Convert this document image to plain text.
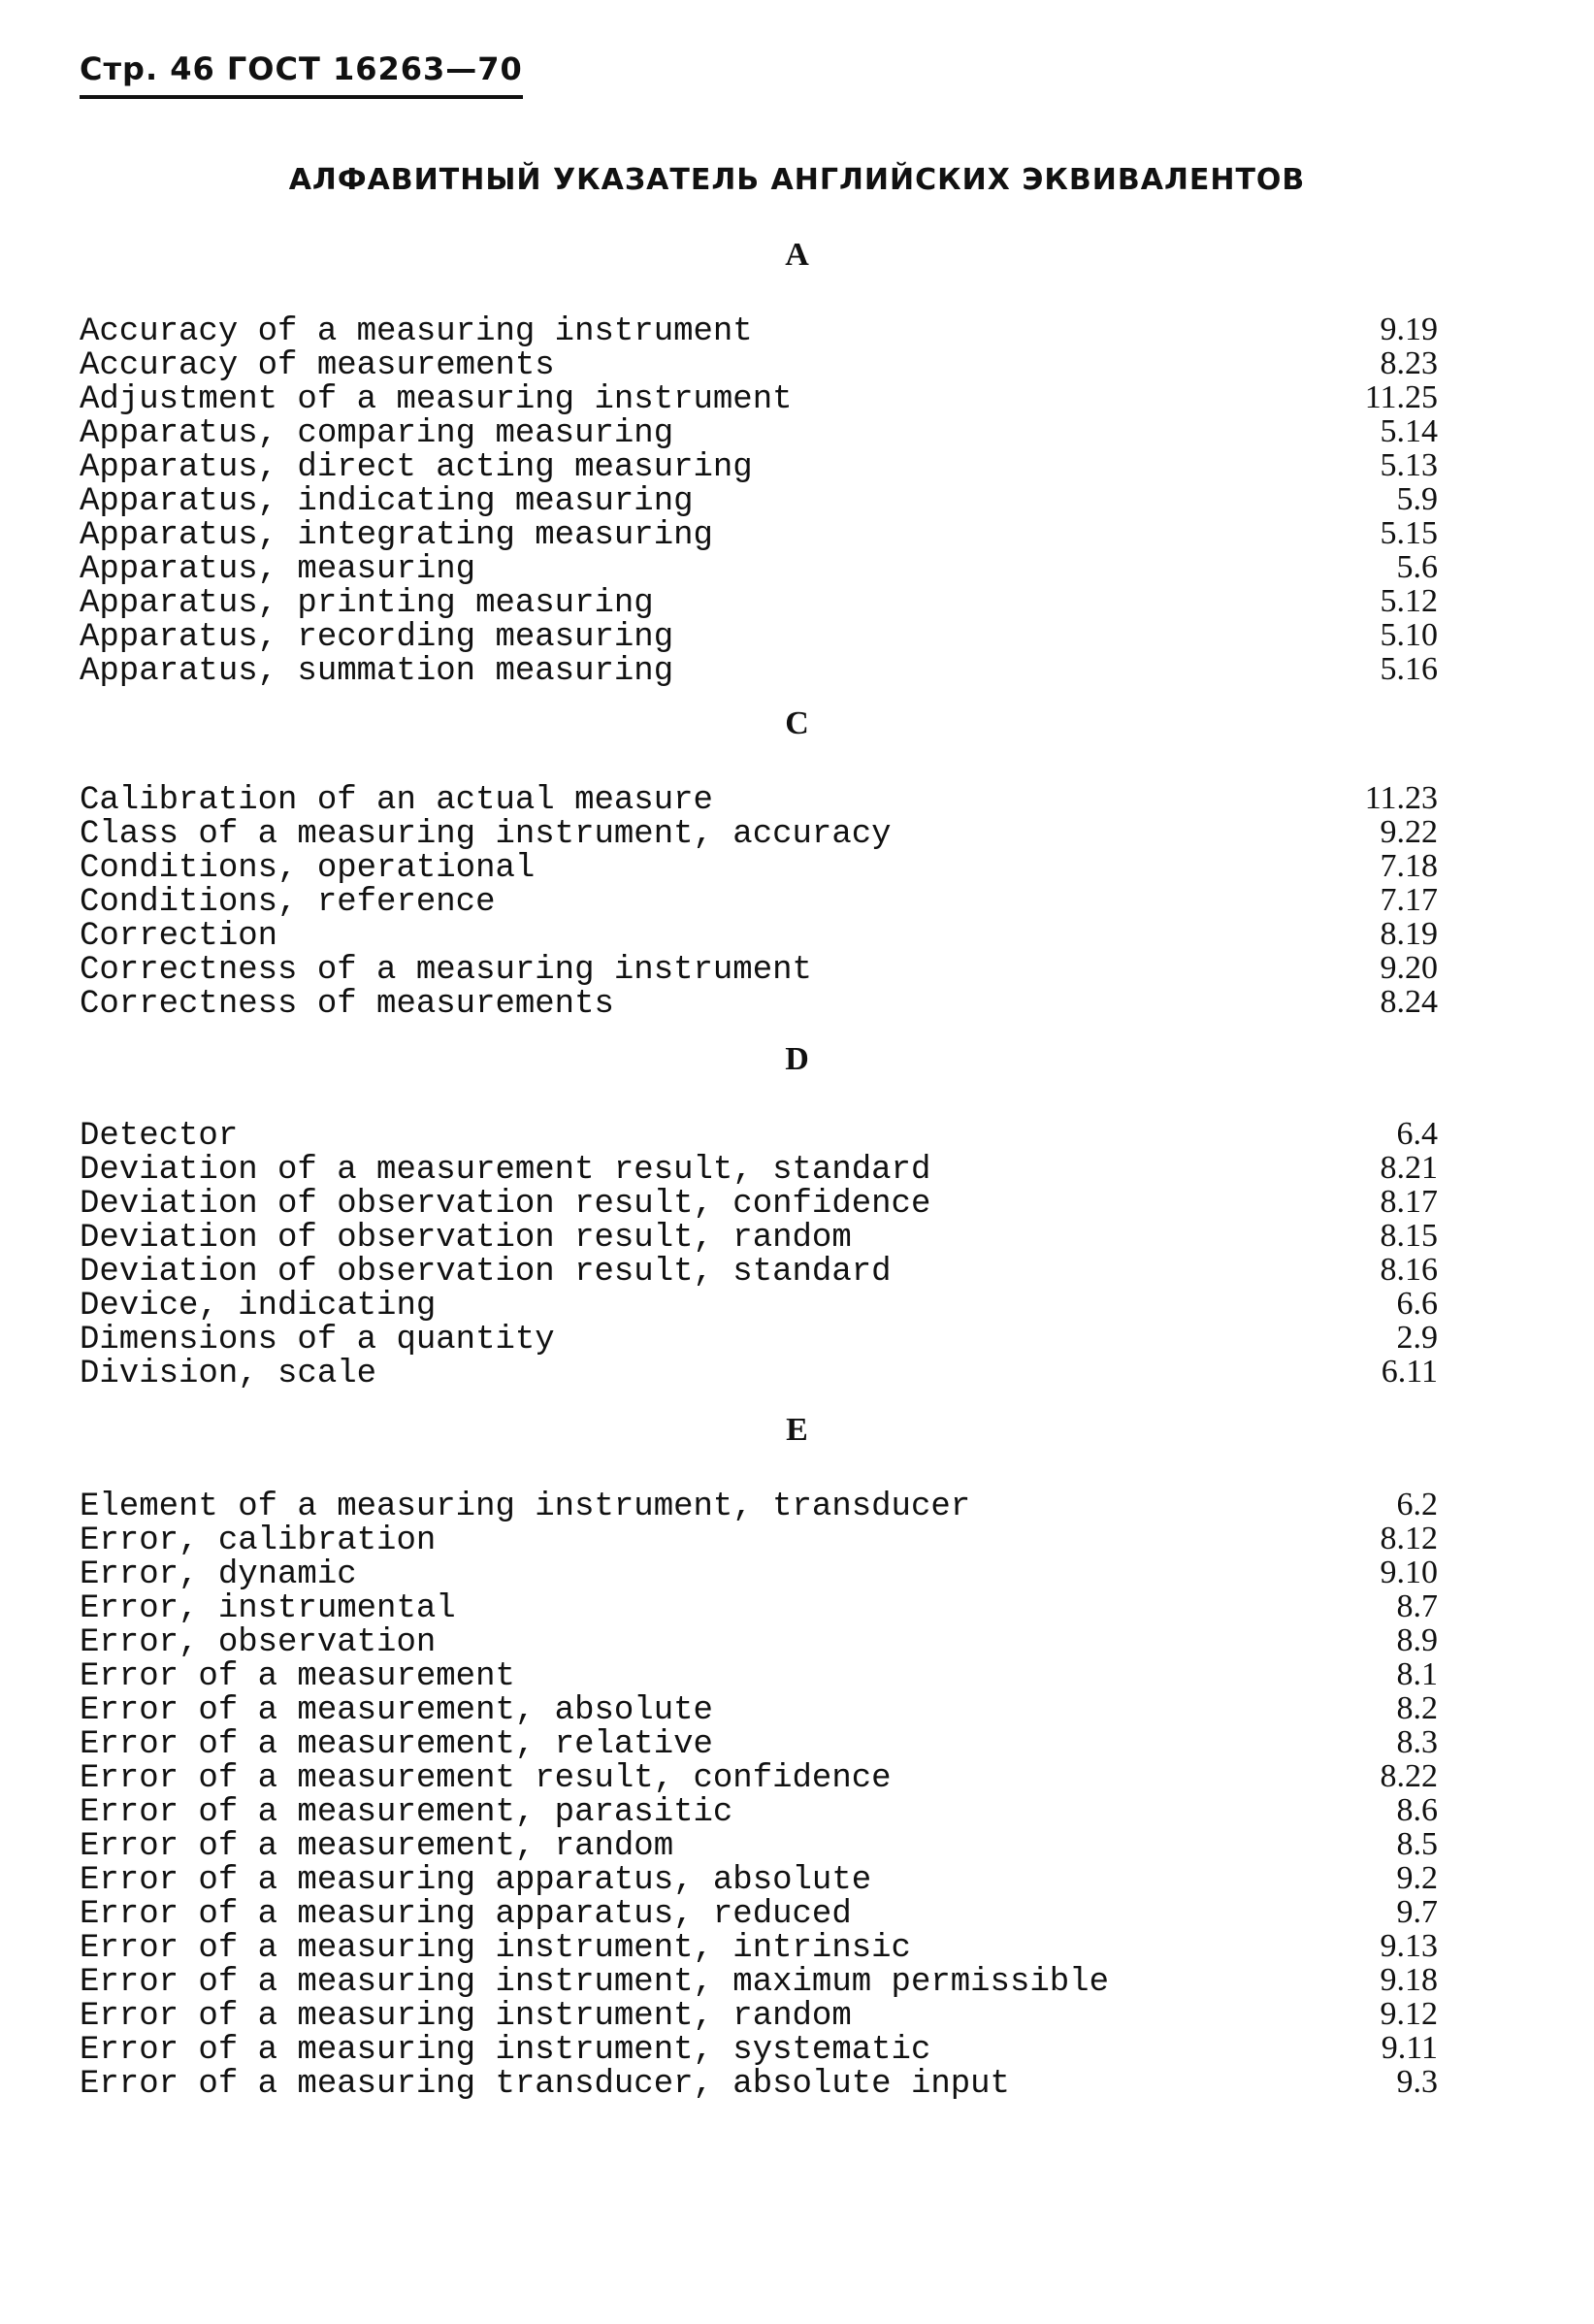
Стр. 46 ГОСТ 16263—70
АЛФАВИТНЫЙ УКАЗАТЕЛЬ АНГЛИЙСКИХ ЭКВИВАЛЕНТОВ
A
Accuracy of a measuring instrument	9.19
Accuracy of measurements	8.23
Adjustment of a measuring instrument	11.25
Apparatus, comparing measuring	5.14
Apparatus, direct acting measuring	5.13
Apparatus, indicating measuring	5.9
Apparatus, integrating measuring	5.15
Apparatus, measuring	5.6
Apparatus, printing measuring	5.12
Apparatus, recording measuring	5.10
Apparatus, summation measuring	5.16
C
Calibration of an actual measure	11.23
Class of a measuring instrument, accuracy	9.22
Conditions, operational	7.18
Conditions, reference	7.17
Correction	8.19
Correctness of a measuring instrument	9.20
Correctness of measurements	8.24
D
Detector	6.4
Deviation of a measurement result, standard	8.21
Deviation of observation result, confidence	8.17
Deviation of observation result, random	8.15
Deviation of observation result, standard	8.16
Device, indicating	6.6
Dimensions of a quantity	2.9
Division, scale	6.11
E
Element of a measuring instrument, transducer	6.2
Error, calibration	8.12
Error, dynamic	9.10
Error, instrumental	8.7
Error, observation	8.9
Error of a measurement	8.1
Error of a measurement, absolute	8.2
Error of a measurement, relative	8.3
Error of a measurement result, confidence	8.22
Error of a measurement, parasitic	8.6
Error of a measurement, random	8.5
Error of a measuring apparatus, absolute	9.2
Error of a measuring apparatus, reduced	9.7
Error of a measuring instrument, intrinsic	9.13
Error of a measuring instrument, maximum permissible	9.18
Error of a measuring instrument, random	9.12
Error of a measuring instrument, systematic	9.11
Error of a measuring transducer, absolute input	9.3
